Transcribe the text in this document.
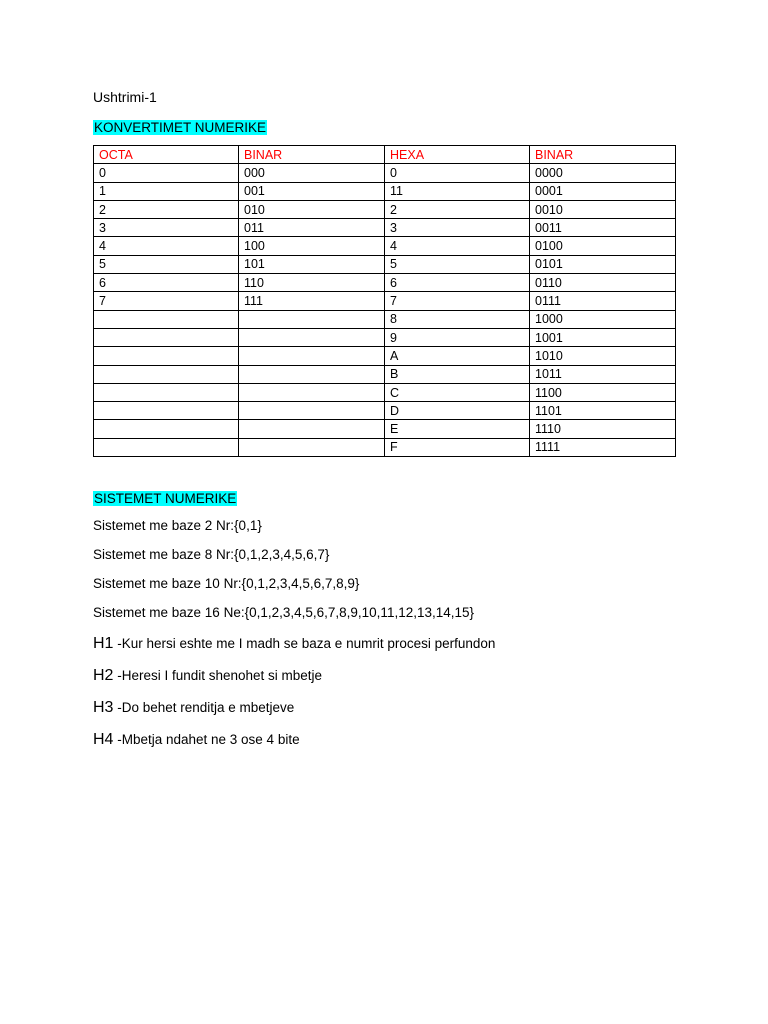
Ushtrimi-1
KONVERTIMET NUMERIKE
OCTA	BINAR	HEXA	BINAR
0	000	0	0000
1	001	11	0001
2	010	2	0010
3	011	3	0011
4	100	4	0100
5	101	5	0101
6	110	6	0110
7	111	7	0111
		8	1000
		9	1001
		A	1010
		B	1011
		C	1100
		D	1101
		E	1110
		F	1111
SISTEMET NUMERIKE
Sistemet me baze 2 Nr:{0,1}
Sistemet me baze 8 Nr:{0,1,2,3,4,5,6,7}
Sistemet me baze 10 Nr:{0,1,2,3,4,5,6,7,8,9}
Sistemet me baze 16 Ne:{0,1,2,3,4,5,6,7,8,9,10,11,12,13,14,15}
H1 -Kur hersi eshte me I madh se baza e numrit procesi perfundon
H2 -Heresi I fundit shenohet si mbetje
H3 -Do behet renditja e mbetjeve
H4 -Mbetja ndahet ne 3 ose 4 bite
